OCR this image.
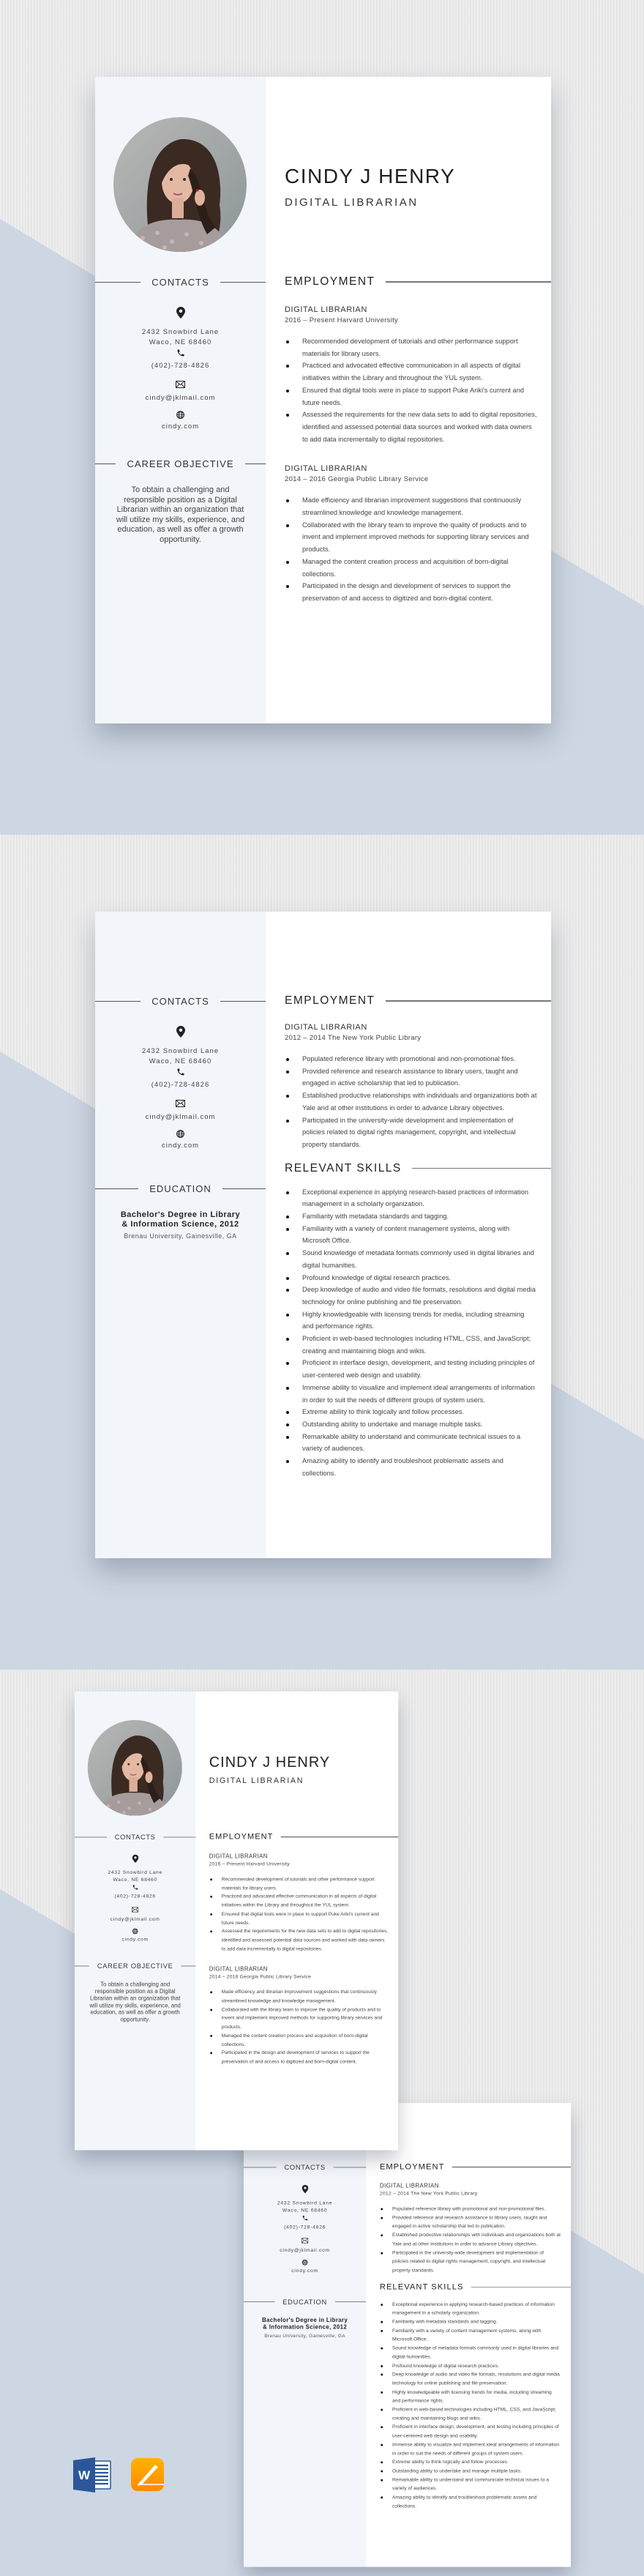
CINDY J HENRY
DIGITAL LIBRARIAN
CONTACTS
2432 Snowbird Lane
Waco, NE 68460
(402)-728-4826
cindy@jklmail.com
cindy.com
CAREER OBJECTIVE
To obtain a challenging and responsible position as a Digital Librarian within an organization that will utilize my skills, experience, and education, as well as offer a growth opportunity.
EMPLOYMENT
DIGITAL LIBRARIAN
2016 – Present Harvard University
Recommended development of tutorials and other performance support materials for library users.
Practiced and advocated effective communication in all aspects of digital initiatives within the Library and throughout the YUL system.
Ensured that digital tools were in place to support Puke Ariki's current and future needs.
Assessed the requirements for the new data sets to add to digital repositories, identified and assessed potential data sources and worked with data owners to add data incrementally to digital repositories.
DIGITAL LIBRARIAN
2014 – 2016 Georgia Public Library Service
Made efficiency and librarian improvement suggestions that continuously streamlined knowledge and knowledge management.
Collaborated with the library team to improve the quality of products and to invent and implement improved methods for supporting library services and products.
Managed the content creation process and acquisition of born-digital collections.
Participated in the design and development of services to support the preservation of and access to digitized and born-digital content.
CONTACTS
2432 Snowbird Lane
Waco, NE 68460
(402)-728-4826
cindy@jklmail.com
cindy.com
EDUCATION
Bachelor's Degree in Library
& Information Science, 2012
Brenau University, Gainesville, GA
EMPLOYMENT
DIGITAL LIBRARIAN
2012 – 2014 The New York Public Library
Populated reference library with promotional and non-promotional files.
Provided reference and research assistance to library users, taught and engaged in active scholarship that led to publication.
Established productive relationships with individuals and organizations both at Yale and at other institutions in order to advance Library objectives.
Participated in the university-wide development and implementation of policies related to digital rights management, copyright, and intellectual property standards.
RELEVANT SKILLS
Exceptional experience in applying research-based practices of information management in a scholarly organization.
Familiarity with metadata standards and tagging.
Familiarity with a variety of content management systems, along with Microsoft Office.
Sound knowledge of metadata formats commonly used in digital libraries and digital humanities.
Profound knowledge of digital research practices.
Deep knowledge of audio and video file formats, resolutions and digital media technology for online publishing and file preservation.
Highly knowledgeable with licensing trends for media, including streaming and performance rights.
Proficient in web-based technologies including HTML, CSS, and JavaScript; creating and maintaining blogs and wikis.
Proficient in interface design, development, and testing including principles of user-centered web design and usability.
Immense ability to visualize and implement ideal arrangements of information in order to suit the needs of different groups of system users.
Extreme ability to think logically and follow processes.
Outstanding ability to undertake and manage multiple tasks.
Remarkable ability to understand and communicate technical issues to a variety of audiences.
Amazing ability to identify and troubleshoot problematic assets and collections.
CONTACTS
2432 Snowbird Lane
Waco, NE 68460
(402)-728-4826
cindy@jklmail.com
cindy.com
EDUCATION
Bachelor's Degree in Library
& Information Science, 2012
Brenau University, Gainesville, GA
EMPLOYMENT
DIGITAL LIBRARIAN
2012 – 2014 The New York Public Library
Populated reference library with promotional and non-promotional files.
Provided reference and research assistance to library users, taught and engaged in active scholarship that led to publication.
Established productive relationships with individuals and organizations both at Yale and at other institutions in order to advance Library objectives.
Participated in the university-wide development and implementation of policies related to digital rights management, copyright, and intellectual property standards.
RELEVANT SKILLS
Exceptional experience in applying research-based practices of information management in a scholarly organization.
Familiarity with metadata standards and tagging.
Familiarity with a variety of content management systems, along with Microsoft Office.
Sound knowledge of metadata formats commonly used in digital libraries and digital humanities.
Profound knowledge of digital research practices.
Deep knowledge of audio and video file formats, resolutions and digital media technology for online publishing and file preservation.
Highly knowledgeable with licensing trends for media, including streaming and performance rights.
Proficient in web-based technologies including HTML, CSS, and JavaScript; creating and maintaining blogs and wikis.
Proficient in interface design, development, and testing including principles of user-centered web design and usability.
Immense ability to visualize and implement ideal arrangements of information in order to suit the needs of different groups of system users.
Extreme ability to think logically and follow processes.
Outstanding ability to undertake and manage multiple tasks.
Remarkable ability to understand and communicate technical issues to a variety of audiences.
Amazing ability to identify and troubleshoot problematic assets and collections.
CINDY J HENRY
DIGITAL LIBRARIAN
CONTACTS
2432 Snowbird Lane
Waco, NE 68460
(402)-728-4826
cindy@jklmail.com
cindy.com
CAREER OBJECTIVE
To obtain a challenging and responsible position as a Digital Librarian within an organization that will utilize my skills, experience, and education, as well as offer a growth opportunity.
EMPLOYMENT
DIGITAL LIBRARIAN
2016 – Present Harvard University
Recommended development of tutorials and other performance support materials for library users.
Practiced and advocated effective communication in all aspects of digital initiatives within the Library and throughout the YUL system.
Ensured that digital tools were in place to support Puke Ariki's current and future needs.
Assessed the requirements for the new data sets to add to digital repositories, identified and assessed potential data sources and worked with data owners to add data incrementally to digital repositories.
DIGITAL LIBRARIAN
2014 – 2016 Georgia Public Library Service
Made efficiency and librarian improvement suggestions that continuously streamlined knowledge and knowledge management.
Collaborated with the library team to improve the quality of products and to invent and implement improved methods for supporting library services and products.
Managed the content creation process and acquisition of born-digital collections.
Participated in the design and development of services to support the preservation of and access to digitized and born-digital content.
W
